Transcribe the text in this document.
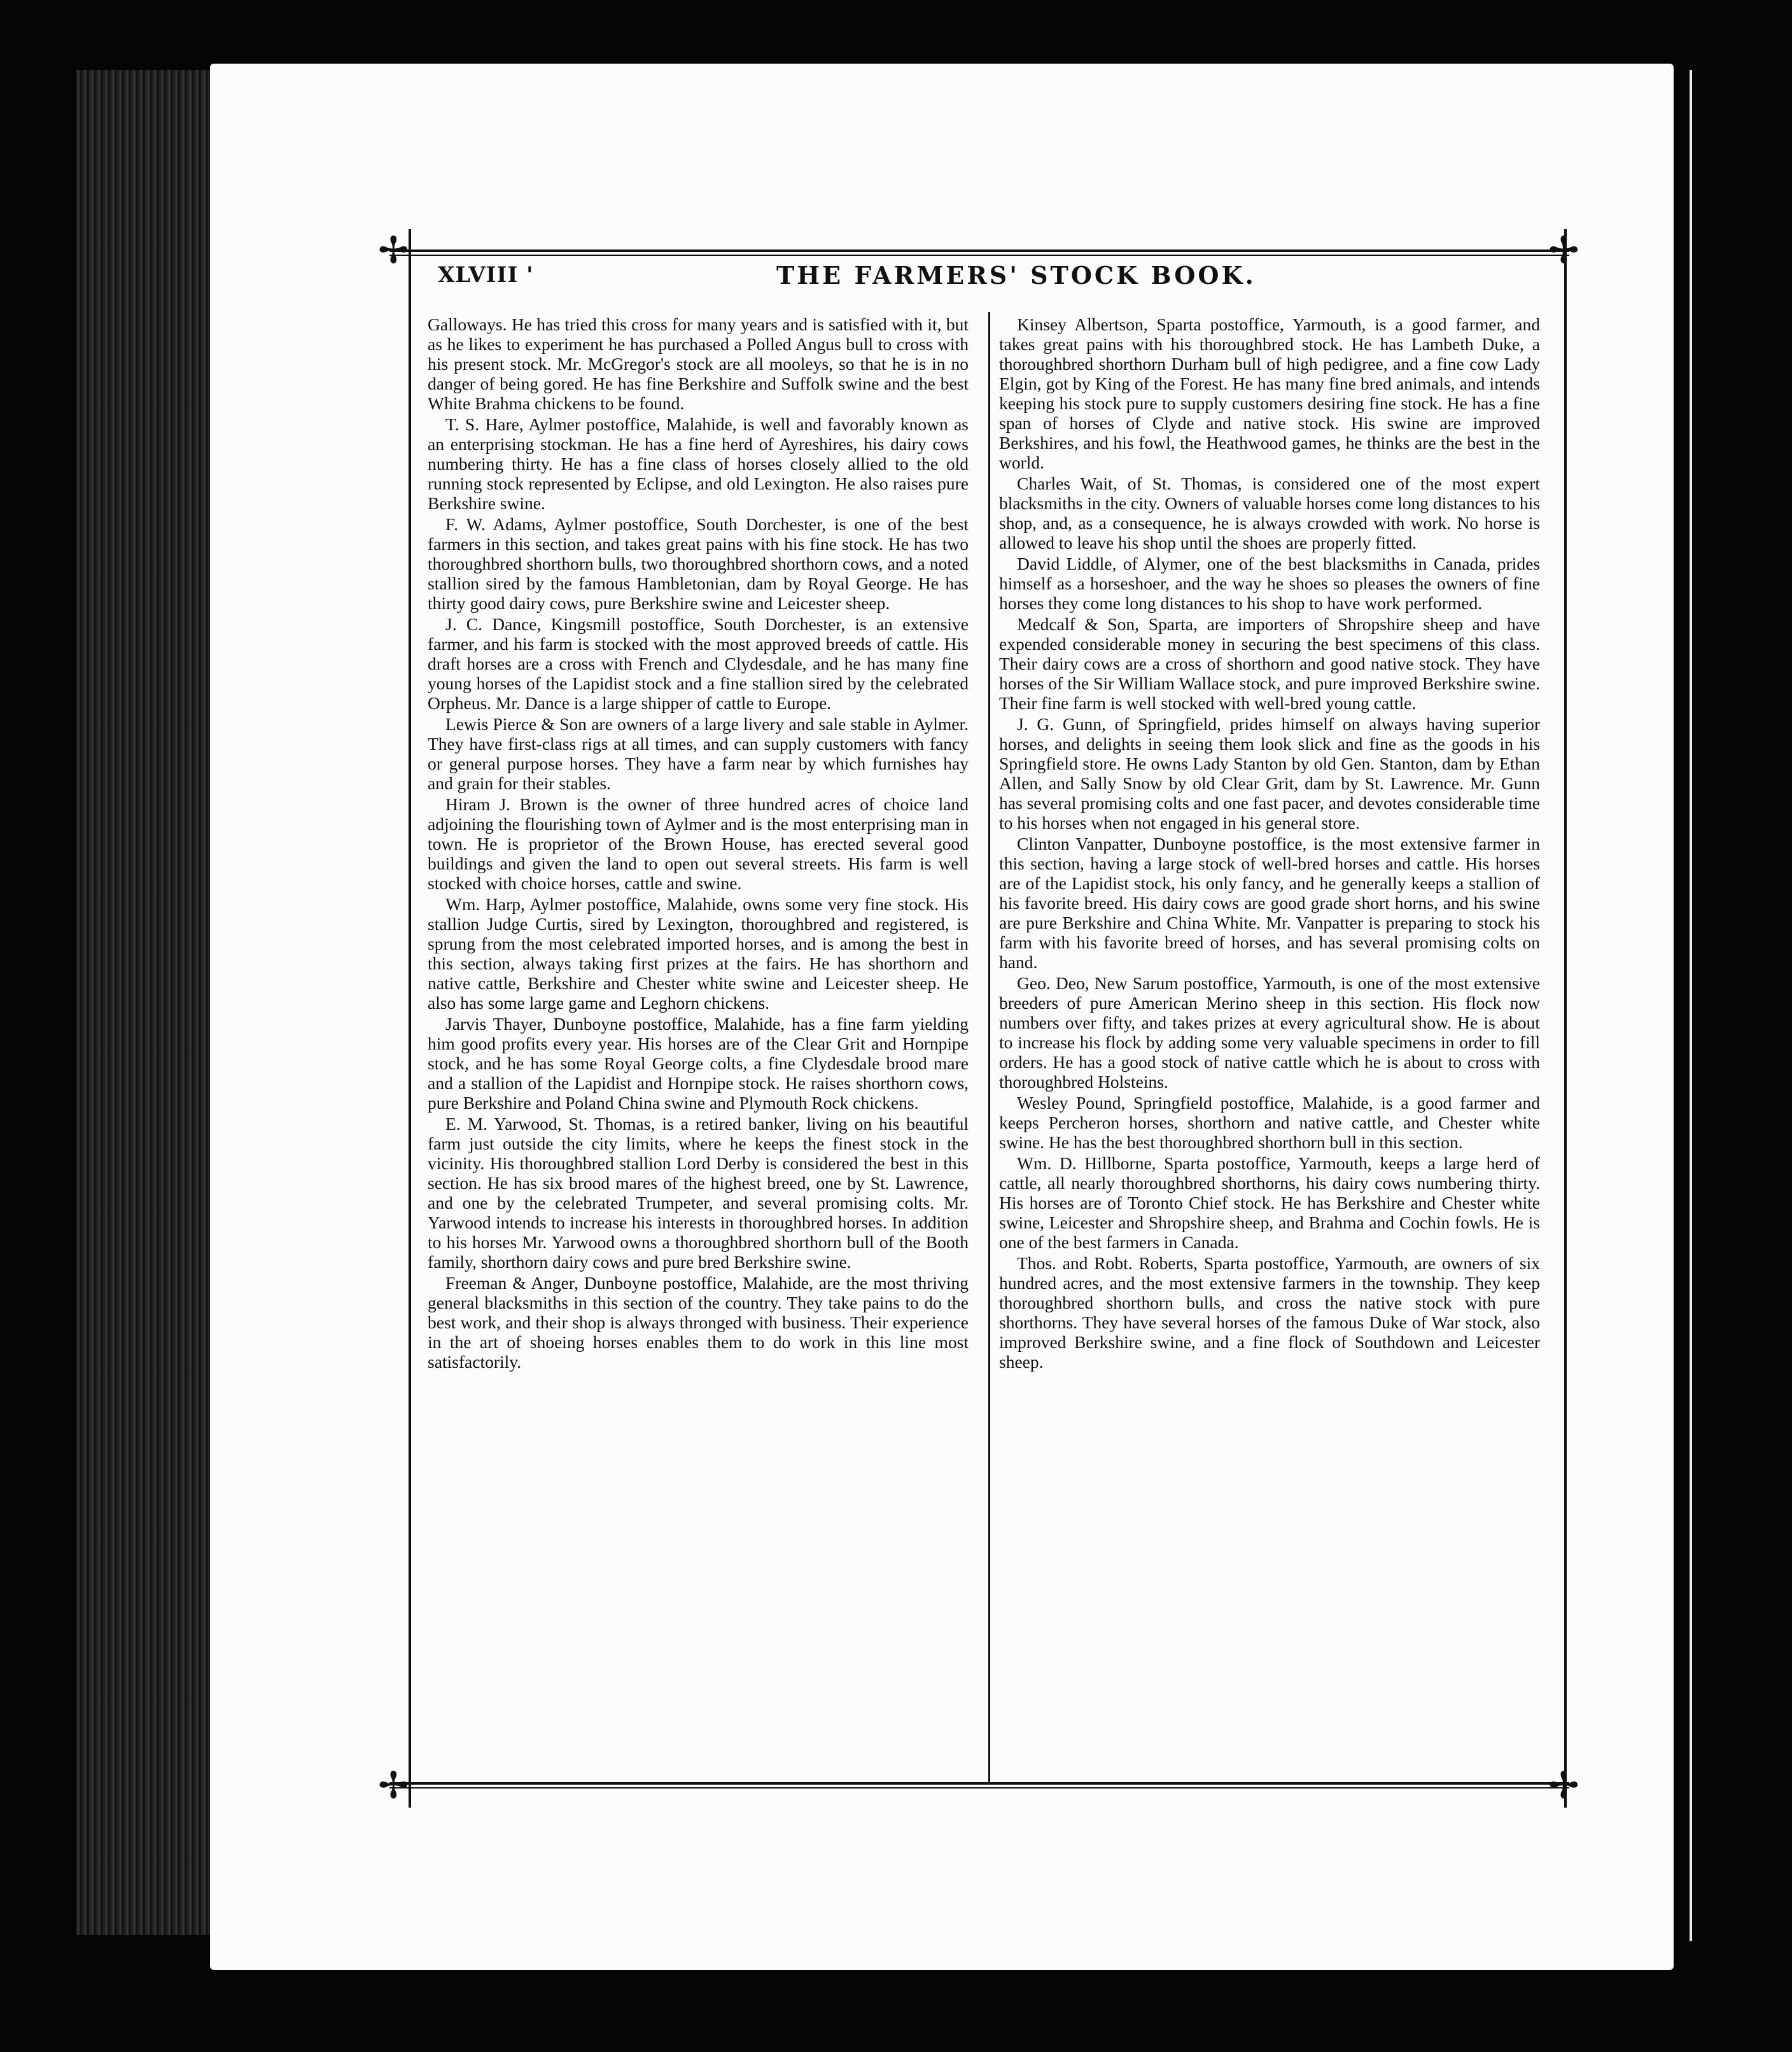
✢	✢
✢	✢
XLVIII '	THE FARMERS' STOCK BOOK.

Galloways. He has tried this cross for many years and is satisfied with it, but as he likes to experiment he has purchased a Polled Angus bull to cross with his present stock. Mr. McGregor's stock are all mooleys, so that he is in no danger of being gored. He has fine Berkshire and Suffolk swine and the best White Brahma chickens to be found.

T. S. Hare, Aylmer postoffice, Malahide, is well and favorably known as an enterprising stockman. He has a fine herd of Ayreshires, his dairy cows numbering thirty. He has a fine class of horses closely allied to the old running stock represented by Eclipse, and old Lexington. He also raises pure Berkshire swine.

F. W. Adams, Aylmer postoffice, South Dorchester, is one of the best farmers in this section, and takes great pains with his fine stock. He has two thoroughbred shorthorn bulls, two thoroughbred shorthorn cows, and a noted stallion sired by the famous Hambletonian, dam by Royal George. He has thirty good dairy cows, pure Berkshire swine and Leicester sheep.

J. C. Dance, Kingsmill postoffice, South Dorchester, is an extensive farmer, and his farm is stocked with the most approved breeds of cattle. His draft horses are a cross with French and Clydesdale, and he has many fine young horses of the Lapidist stock and a fine stallion sired by the celebrated Orpheus. Mr. Dance is a large shipper of cattle to Europe.

Lewis Pierce & Son are owners of a large livery and sale stable in Aylmer. They have first-class rigs at all times, and can supply customers with fancy or general purpose horses. They have a farm near by which furnishes hay and grain for their stables.

Hiram J. Brown is the owner of three hundred acres of choice land adjoining the flourishing town of Aylmer and is the most enterprising man in town. He is proprietor of the Brown House, has erected several good buildings and given the land to open out several streets. His farm is well stocked with choice horses, cattle and swine.

Wm. Harp, Aylmer postoffice, Malahide, owns some very fine stock. His stallion Judge Curtis, sired by Lexington, thoroughbred and registered, is sprung from the most celebrated imported horses, and is among the best in this section, always taking first prizes at the fairs. He has shorthorn and native cattle, Berkshire and Chester white swine and Leicester sheep. He also has some large game and Leghorn chickens.

Jarvis Thayer, Dunboyne postoffice, Malahide, has a fine farm yielding him good profits every year. His horses are of the Clear Grit and Hornpipe stock, and he has some Royal George colts, a fine Clydesdale brood mare and a stallion of the Lapidist and Hornpipe stock. He raises shorthorn cows, pure Berkshire and Poland China swine and Plymouth Rock chickens.

E. M. Yarwood, St. Thomas, is a retired banker, living on his beautiful farm just outside the city limits, where he keeps the finest stock in the vicinity. His thoroughbred stallion Lord Derby is considered the best in this section. He has six brood mares of the highest breed, one by St. Lawrence, and one by the celebrated Trumpeter, and several promising colts. Mr. Yarwood intends to increase his interests in thoroughbred horses. In addition to his horses Mr. Yarwood owns a thoroughbred shorthorn bull of the Booth family, shorthorn dairy cows and pure bred Berkshire swine.

Freeman & Anger, Dunboyne postoffice, Malahide, are the most thriving general blacksmiths in this section of the country. They take pains to do the best work, and their shop is always thronged with business. Their experience in the art of shoeing horses enables them to do work in this line most satisfactorily.

Kinsey Albertson, Sparta postoffice, Yarmouth, is a good farmer, and takes great pains with his thoroughbred stock. He has Lambeth Duke, a thoroughbred shorthorn Durham bull of high pedigree, and a fine cow Lady Elgin, got by King of the Forest. He has many fine bred animals, and intends keeping his stock pure to supply customers desiring fine stock. He has a fine span of horses of Clyde and native stock. His swine are improved Berkshires, and his fowl, the Heathwood games, he thinks are the best in the world.

Charles Wait, of St. Thomas, is considered one of the most expert blacksmiths in the city. Owners of valuable horses come long distances to his shop, and, as a consequence, he is always crowded with work. No horse is allowed to leave his shop until the shoes are properly fitted.

David Liddle, of Alymer, one of the best blacksmiths in Canada, prides himself as a horseshoer, and the way he shoes so pleases the owners of fine horses they come long distances to his shop to have work performed.

Medcalf & Son, Sparta, are importers of Shropshire sheep and have expended considerable money in securing the best specimens of this class. Their dairy cows are a cross of shorthorn and good native stock. They have horses of the Sir William Wallace stock, and pure improved Berkshire swine. Their fine farm is well stocked with well-bred young cattle.

J. G. Gunn, of Springfield, prides himself on always having superior horses, and delights in seeing them look slick and fine as the goods in his Springfield store. He owns Lady Stanton by old Gen. Stanton, dam by Ethan Allen, and Sally Snow by old Clear Grit, dam by St. Lawrence. Mr. Gunn has several promising colts and one fast pacer, and devotes considerable time to his horses when not engaged in his general store.

Clinton Vanpatter, Dunboyne postoffice, is the most extensive farmer in this section, having a large stock of well-bred horses and cattle. His horses are of the Lapidist stock, his only fancy, and he generally keeps a stallion of his favorite breed. His dairy cows are good grade short horns, and his swine are pure Berkshire and China White. Mr. Vanpatter is preparing to stock his farm with his favorite breed of horses, and has several promising colts on hand.

Geo. Deo, New Sarum postoffice, Yarmouth, is one of the most extensive breeders of pure American Merino sheep in this section. His flock now numbers over fifty, and takes prizes at every agricultural show. He is about to increase his flock by adding some very valuable specimens in order to fill orders. He has a good stock of native cattle which he is about to cross with thoroughbred Holsteins.

Wesley Pound, Springfield postoffice, Malahide, is a good farmer and keeps Percheron horses, shorthorn and native cattle, and Chester white swine. He has the best thoroughbred shorthorn bull in this section.

Wm. D. Hillborne, Sparta postoffice, Yarmouth, keeps a large herd of cattle, all nearly thoroughbred shorthorns, his dairy cows numbering thirty. His horses are of Toronto Chief stock. He has Berkshire and Chester white swine, Leicester and Shropshire sheep, and Brahma and Cochin fowls. He is one of the best farmers in Canada.

Thos. and Robt. Roberts, Sparta postoffice, Yarmouth, are owners of six hundred acres, and the most extensive farmers in the township. They keep thoroughbred shorthorn bulls, and cross the native stock with pure shorthorns. They have several horses of the famous Duke of War stock, also improved Berkshire swine, and a fine flock of Southdown and Leicester sheep.
